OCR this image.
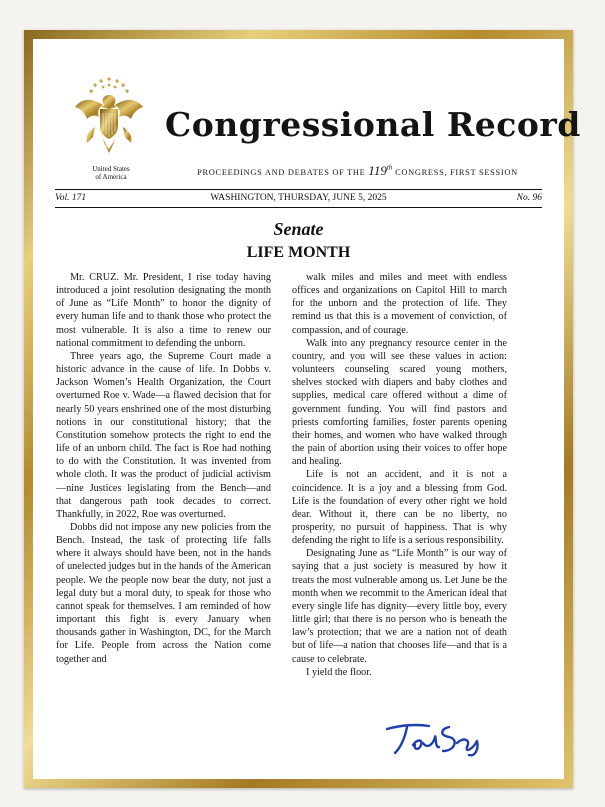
United States
of America
Congressional Record
PROCEEDINGS AND DEBATES OF THE 119th CONGRESS, FIRST SESSION
Vol. 171	WASHINGTON, THURSDAY, JUNE 5, 2025	No. 96
Senate
LIFE MONTH

Mr. CRUZ. Mr. President, I rise today having introduced a joint resolution designating the month of June as “Life Month” to honor the dignity of every human life and to thank those who protect the most vulnerable. It is also a time to renew our national commitment to defending the unborn.

Three years ago, the Supreme Court made a historic advance in the cause of life. In Dobbs v. Jackson Women’s Health Organization, the Court overturned Roe v. Wade—a flawed decision that for nearly 50 years enshrined one of the most disturbing notions in our constitutional history; that the Constitution somehow protects the right to end the life of an unborn child. The fact is Roe had nothing to do with the Constitution. It was invented from whole cloth. It was the product of judicial activism—nine Justices legislating from the Bench—and that dangerous path took decades to correct. Thankfully, in 2022, Roe was overturned.

Dobbs did not impose any new policies from the Bench. Instead, the task of protecting life falls where it always should have been, not in the hands of unelected judges but in the hands of the American people. We the people now bear the duty, not just a legal duty but a moral duty, to speak for those who cannot speak for themselves. I am reminded of how important this fight is every January when thousands gather in Washington, DC, for the March for Life. People from across the Nation come together and

walk miles and miles and meet with endless offices and organizations on Capitol Hill to march for the unborn and the protection of life. They remind us that this is a movement of conviction, of compassion, and of courage.

Walk into any pregnancy resource center in the country, and you will see these values in action: volunteers counseling scared young mothers, shelves stocked with diapers and baby clothes and supplies, medical care offered without a dime of government funding. You will find pastors and priests comforting families, foster parents opening their homes, and women who have walked through the pain of abortion using their voices to offer hope and healing.

Life is not an accident, and it is not a coincidence. It is a joy and a blessing from God. Life is the foundation of every other right we hold dear. Without it, there can be no liberty, no prosperity, no pursuit of happiness. That is why defending the right to life is a serious responsibility.

Designating June as “Life Month” is our way of saying that a just society is measured by how it treats the most vulnerable among us. Let June be the month when we recommit to the American ideal that every single life has dignity—every little boy, every little girl; that there is no person who is beneath the law’s protection; that we are a nation not of death but of life—a nation that chooses life—and that is a cause to celebrate.

I yield the floor.
